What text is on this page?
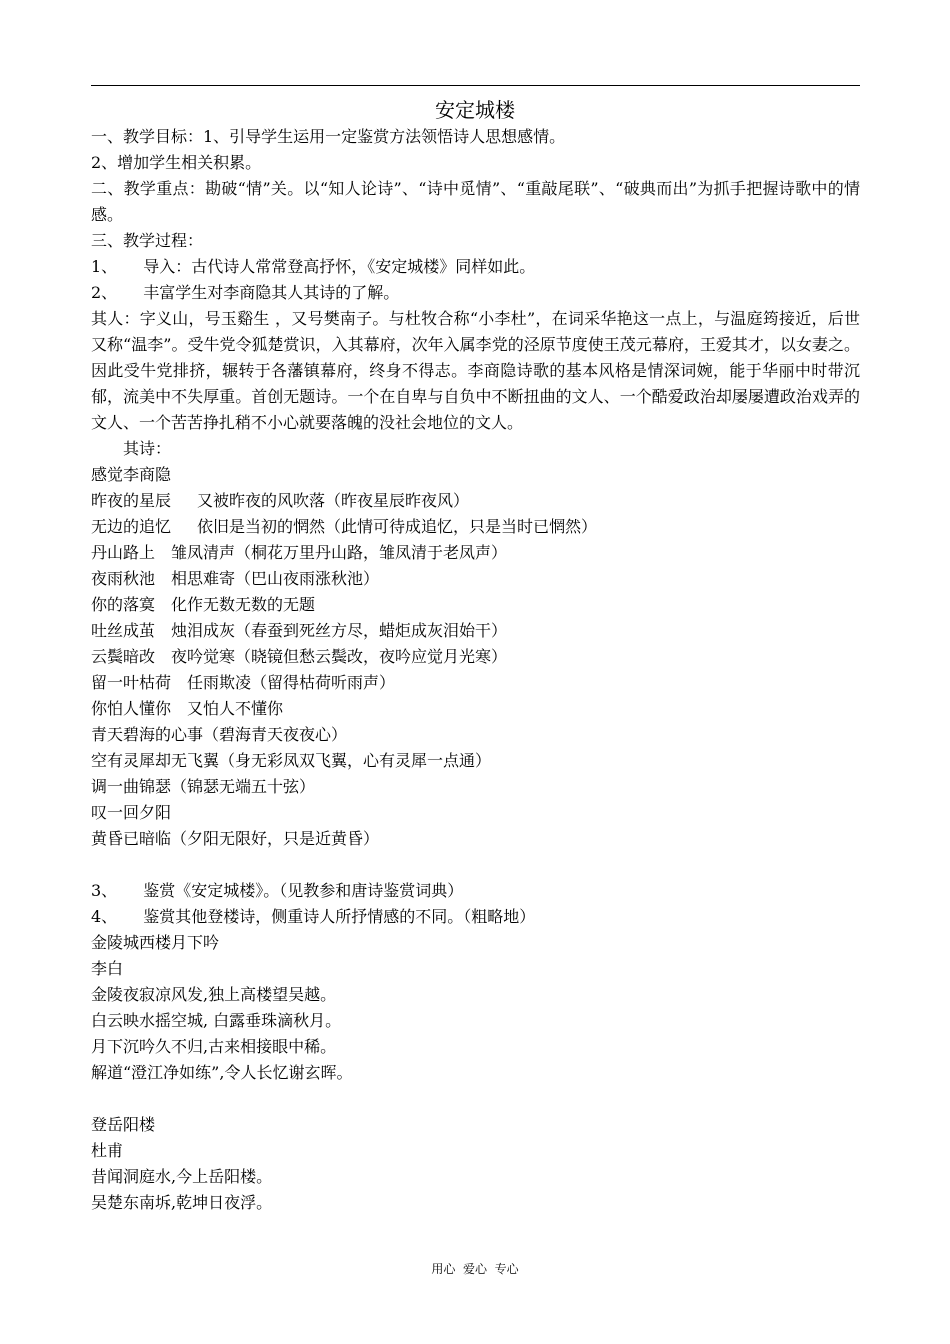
安定城楼
一、教学目标：1、引导学生运用一定鉴赏方法领悟诗人思想感情。
2、增加学生相关积累。
二、教学重点：勘破“情”关。以“知人论诗”、“诗中觅情”、“重敲尾联”、“破典而出”为抓手把握诗歌中的情感。
三、教学过程：
1、 导入：古代诗人常常登高抒怀，《安定城楼》同样如此。
2、 丰富学生对李商隐其人其诗的了解。
其人：字义山，号玉谿生 ，又号樊南子。与杜牧合称“小李杜”，在词采华艳这一点上，与温庭筠接近，后世又称“温李”。受牛党令狐楚赏识，入其幕府，次年入属李党的泾原节度使王茂元幕府，王爱其才，以女妻之。因此受牛党排挤，辗转于各藩镇幕府，终身不得志。李商隐诗歌的基本风格是情深词婉，能于华丽中时带沉郁，流美中不失厚重。首创无题诗。一个在自卑与自负中不断扭曲的文人、一个酷爱政治却屡屡遭政治戏弄的文人、一个苦苦挣扎稍不小心就要落魄的没社会地位的文人。
其诗：
感觉李商隐
昨夜的星辰 又被昨夜的风吹落（昨夜星辰昨夜风）
无边的追忆 依旧是当初的惘然（此情可待成追忆，只是当时已惘然）
丹山路上 雏凤清声（桐花万里丹山路，雏凤清于老凤声）
夜雨秋池 相思难寄（巴山夜雨涨秋池）
你的落寞 化作无数无数的无题
吐丝成茧 烛泪成灰（春蚕到死丝方尽，蜡炬成灰泪始干）
云鬓暗改 夜吟觉寒（晓镜但愁云鬓改，夜吟应觉月光寒）
留一叶枯荷 任雨欺凌（留得枯荷听雨声）
你怕人懂你 又怕人不懂你
青天碧海的心事（碧海青天夜夜心）
空有灵犀却无飞翼（身无彩凤双飞翼，心有灵犀一点通）
调一曲锦瑟（锦瑟无端五十弦）
叹一回夕阳
黄昏已暗临（夕阳无限好，只是近黄昏）
3、 鉴赏《安定城楼》。（见教参和唐诗鉴赏词典）
4、 鉴赏其他登楼诗，侧重诗人所抒情感的不同。（粗略地）
金陵城西楼月下吟
李白
金陵夜寂凉风发,独上高楼望吴越。
白云映水摇空城, 白露垂珠滴秋月。
月下沉吟久不归,古来相接眼中稀。
解道“澄江净如练”,令人长忆谢玄晖。
登岳阳楼
杜甫
昔闻洞庭水,今上岳阳楼。
吴楚东南坼,乾坤日夜浮。
用心  爱心  专心
